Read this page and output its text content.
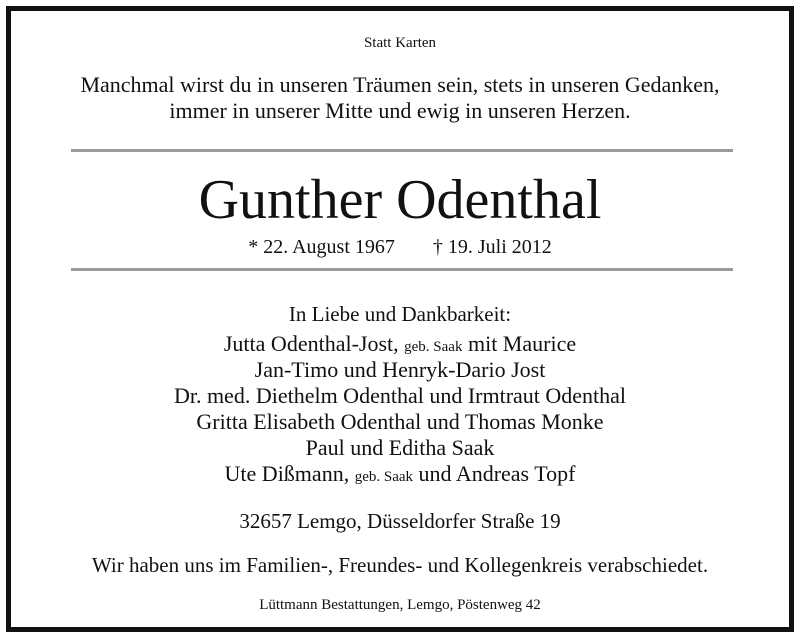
Statt Karten
Manchmal wirst du in unseren Träumen sein, stets in unseren Gedanken,
immer in unserer Mitte und ewig in unseren Herzen.
Gunther Odenthal
* 22. August 1967 † 19. Juli 2012
In Liebe und Dankbarkeit:
Jutta Odenthal-Jost, geb. Saak mit Maurice
Jan-Timo und Henryk-Dario Jost
Dr. med. Diethelm Odenthal und Irmtraut Odenthal
Gritta Elisabeth Odenthal und Thomas Monke
Paul und Editha Saak
Ute Dißmann, geb. Saak und Andreas Topf
32657 Lemgo, Düsseldorfer Straße 19
Wir haben uns im Familien-, Freundes- und Kollegenkreis verabschiedet.
Lüttmann Bestattungen, Lemgo, Pöstenweg 42
